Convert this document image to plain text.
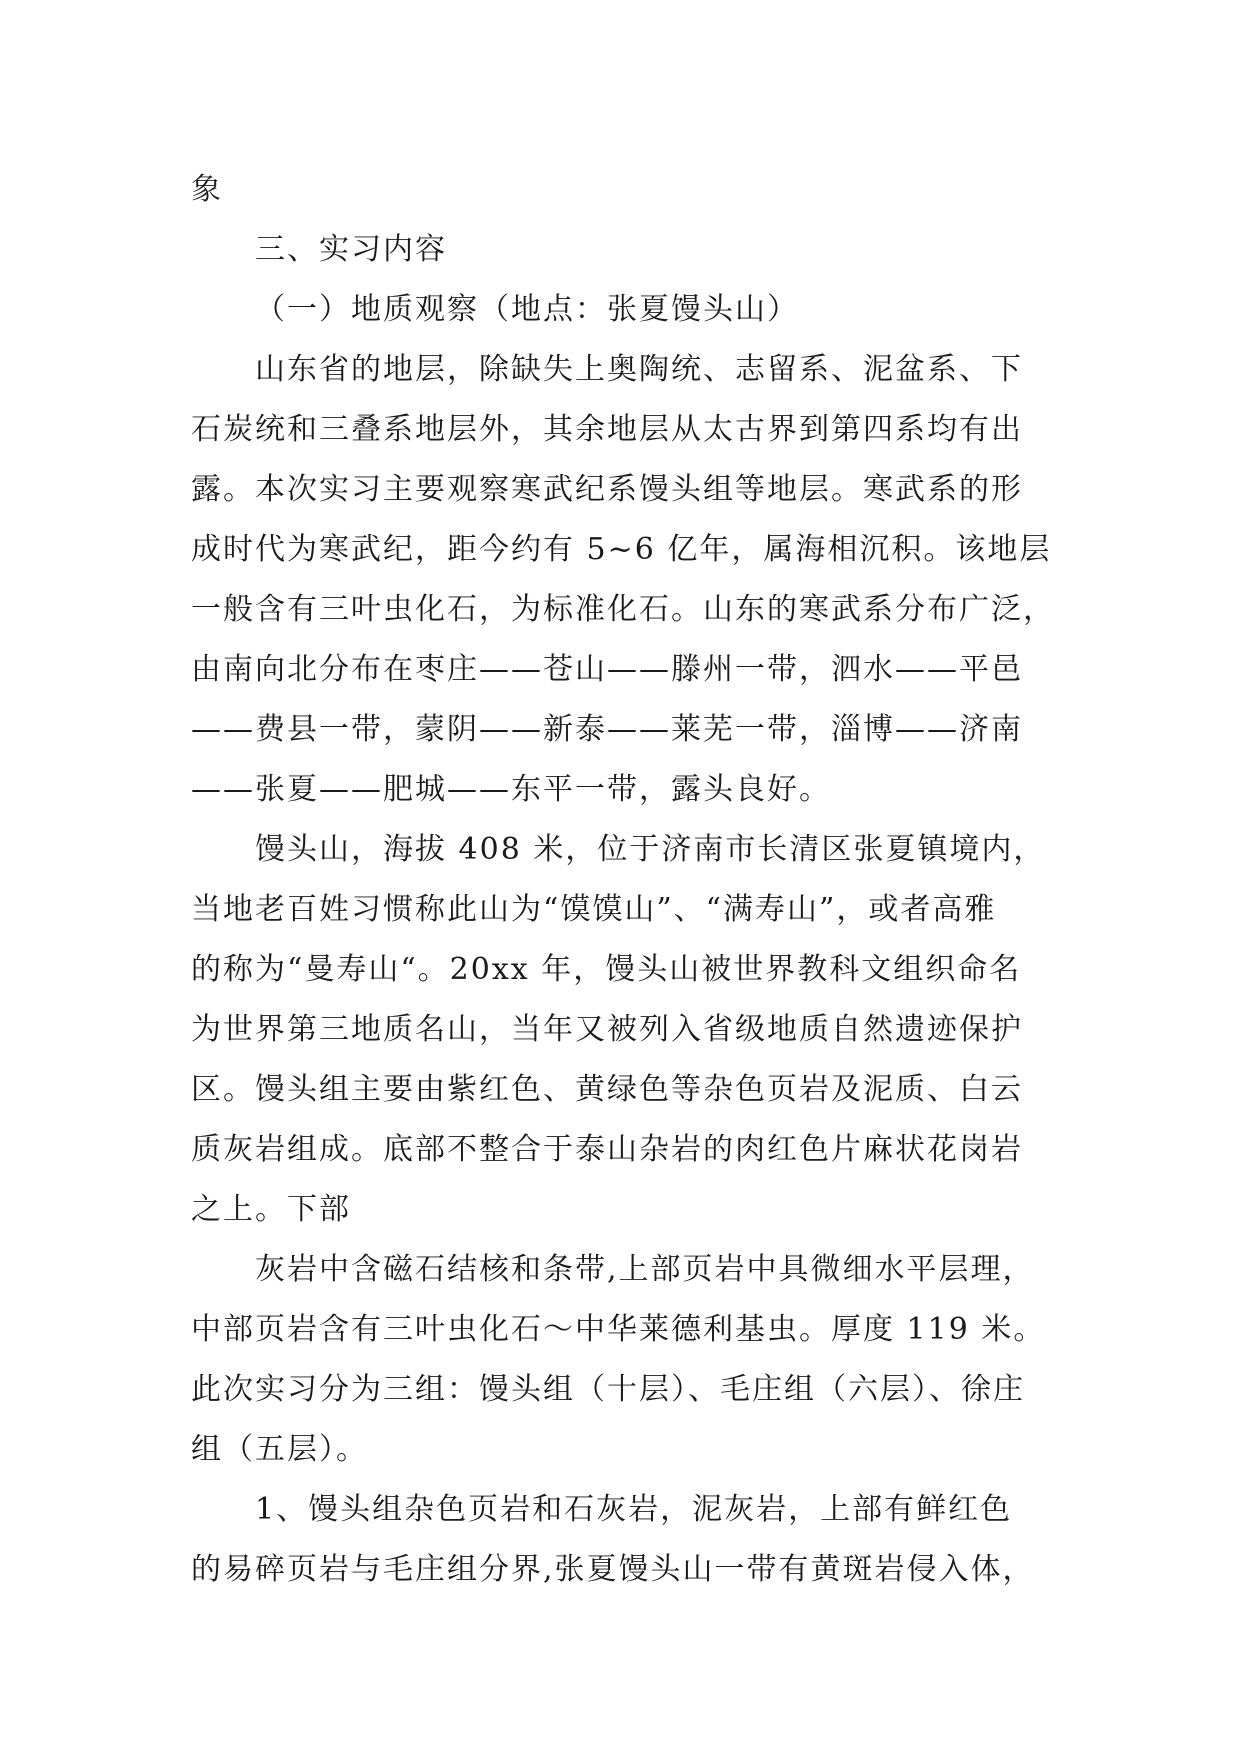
象
三、实习内容
（一）地质观察（地点：张夏馒头山）
山东省的地层，除缺失上奥陶统、志留系、泥盆系、下
石炭统和三叠系地层外，其余地层从太古界到第四系均有出
露。本次实习主要观察寒武纪系馒头组等地层。寒武系的形
成时代为寒武纪，距今约有 5~6 亿年，属海相沉积。该地层
一般含有三叶虫化石，为标准化石。山东的寒武系分布广泛，
由南向北分布在枣庄——苍山——滕州一带，泗水——平邑
——费县一带，蒙阴——新泰——莱芜一带，淄博——济南
——张夏——肥城——东平一带，露头良好。
馒头山，海拔 408 米，位于济南市长清区张夏镇境内，
当地老百姓习惯称此山为“馍馍山”、“满寿山”，或者高雅
的称为“曼寿山“。20xx 年，馒头山被世界教科文组织命名
为世界第三地质名山，当年又被列入省级地质自然遗迹保护
区。馒头组主要由紫红色、黄绿色等杂色页岩及泥质、白云
质灰岩组成。底部不整合于泰山杂岩的肉红色片麻状花岗岩
之上。下部
灰岩中含磁石结核和条带,上部页岩中具微细水平层理，
中部页岩含有三叶虫化石～中华莱德利基虫。厚度 119 米。
此次实习分为三组：馒头组（十层）、毛庄组（六层）、徐庄
组（五层）。
1、馒头组杂色页岩和石灰岩，泥灰岩，上部有鲜红色
的易碎页岩与毛庄组分界,张夏馒头山一带有黄斑岩侵入体，
